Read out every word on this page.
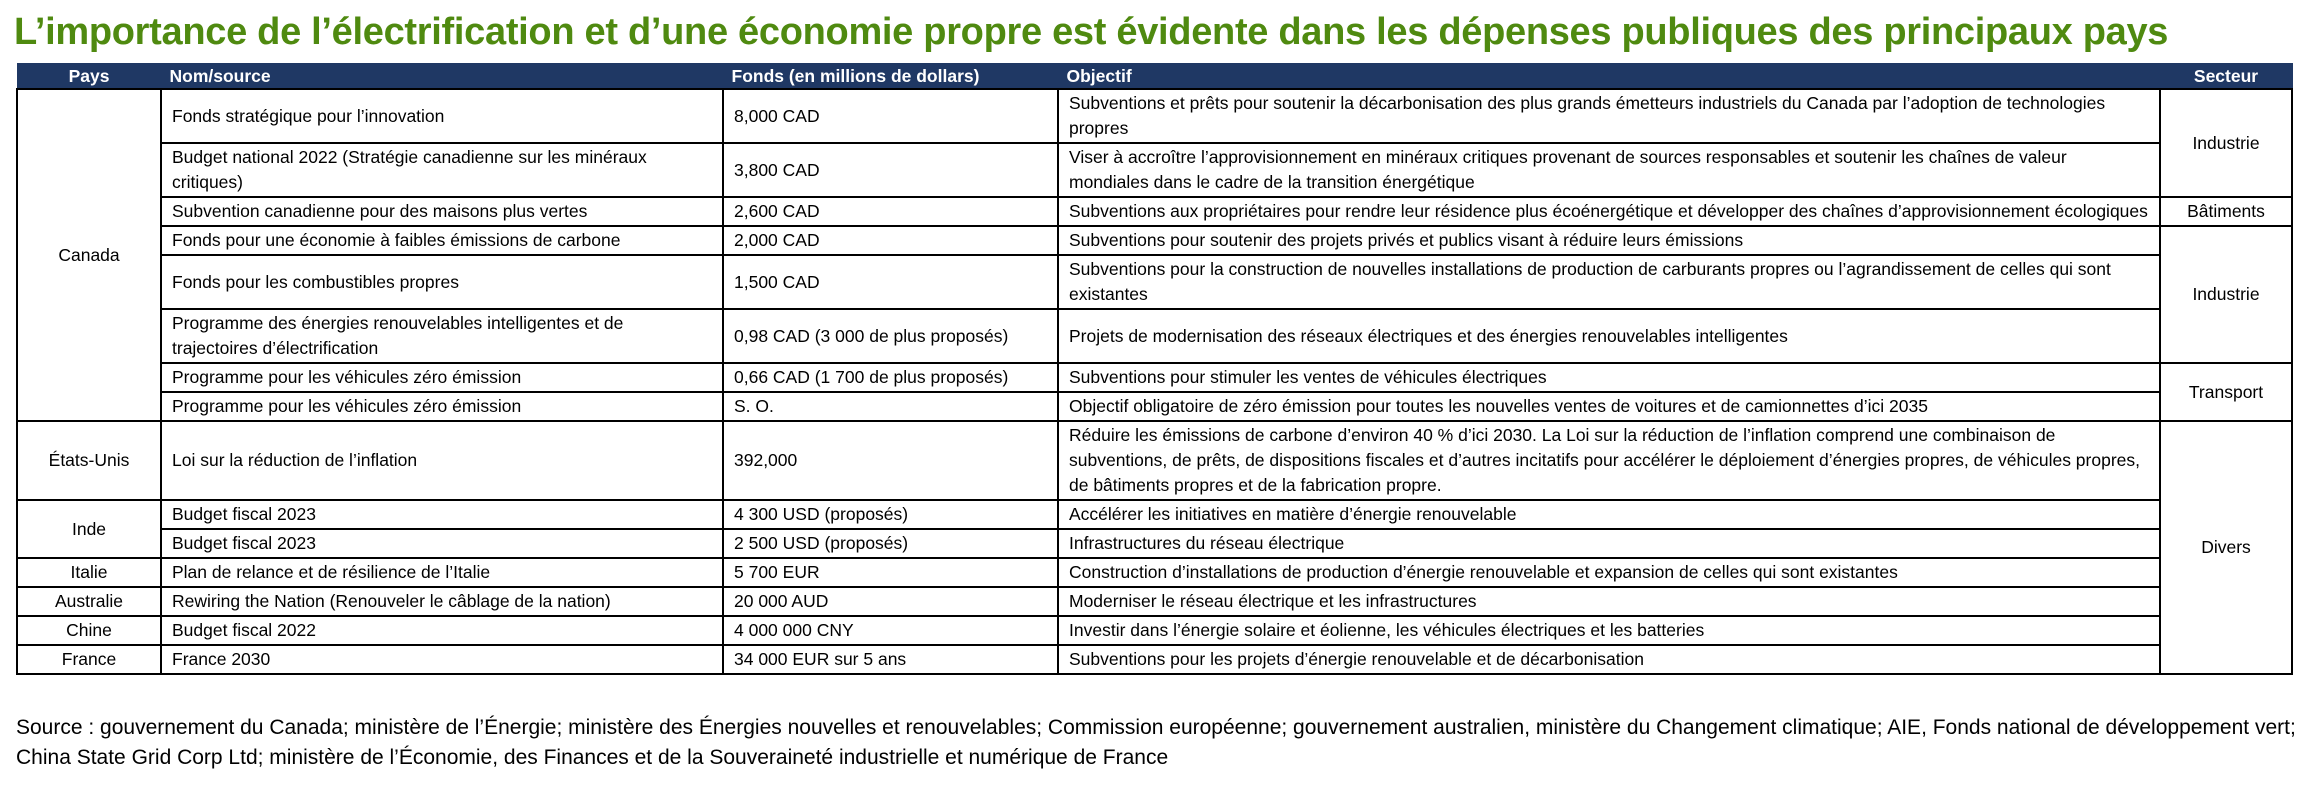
L’importance de l’électrification et d’une économie propre est évidente dans les dépenses publiques des principaux pays
Pays	Nom/source	Fonds (en millions de dollars)	Objectif	Secteur
Canada	Fonds stratégique pour l’innovation	8,000 CAD	Subventions et prêts pour soutenir la décarbonisation des plus grands émetteurs industriels du Canada par l’adoption de technologies propres	Industrie
	Budget national 2022 (Stratégie canadienne sur les minéraux critiques)	3,800 CAD	Viser à accroître l’approvisionnement en minéraux critiques provenant de sources responsables et soutenir les chaînes de valeur mondiales dans le cadre de la transition énergétique	
	Subvention canadienne pour des maisons plus vertes	2,600 CAD	Subventions aux propriétaires pour rendre leur résidence plus écoénergétique et développer des chaînes d’approvisionnement écologiques	Bâtiments
	Fonds pour une économie à faibles émissions de carbone	2,000 CAD	Subventions pour soutenir des projets privés et publics visant à réduire leurs émissions	Industrie
	Fonds pour les combustibles propres	1,500 CAD	Subventions pour la construction de nouvelles installations de production de carburants propres ou l’agrandissement de celles qui sont existantes	
	Programme des énergies renouvelables intelligentes et de trajectoires d’électrification	0,98 CAD (3 000 de plus proposés)	Projets de modernisation des réseaux électriques et des énergies renouvelables intelligentes	
	Programme pour les véhicules zéro émission	0,66 CAD (1 700 de plus proposés)	Subventions pour stimuler les ventes de véhicules électriques	Transport
	Programme pour les véhicules zéro émission	S. O.	Objectif obligatoire de zéro émission pour toutes les nouvelles ventes de voitures et de camionnettes d’ici 2035	
États-Unis	Loi sur la réduction de l’inflation	392,000	Réduire les émissions de carbone d’environ 40 % d’ici 2030. La Loi sur la réduction de l’inflation comprend une combinaison de subventions, de prêts, de dispositions fiscales et d’autres incitatifs pour accélérer le déploiement d’énergies propres, de véhicules propres, de bâtiments propres et de la fabrication propre.	Divers
Inde	Budget fiscal 2023	4 300 USD (proposés)	Accélérer les initiatives en matière d’énergie renouvelable	
	Budget fiscal 2023	2 500 USD (proposés)	Infrastructures du réseau électrique	
Italie	Plan de relance et de résilience de l’Italie	5 700 EUR	Construction d’installations de production d’énergie renouvelable et expansion de celles qui sont existantes	
Australie	Rewiring the Nation (Renouveler le câblage de la nation)	20 000 AUD	Moderniser le réseau électrique et les infrastructures	
Chine	Budget fiscal 2022	4 000 000 CNY	Investir dans l’énergie solaire et éolienne, les véhicules électriques et les batteries	
France	France 2030	34 000 EUR sur 5 ans	Subventions pour les projets d’énergie renouvelable et de décarbonisation	

Source : gouvernement du Canada; ministère de l’Énergie; ministère des Énergies nouvelles et renouvelables; Commission européenne; gouvernement australien, ministère du Changement climatique; AIE, Fonds national de développement vert; China State Grid Corp Ltd; ministère de l’Économie, des Finances et de la Souveraineté industrielle et numérique de France
